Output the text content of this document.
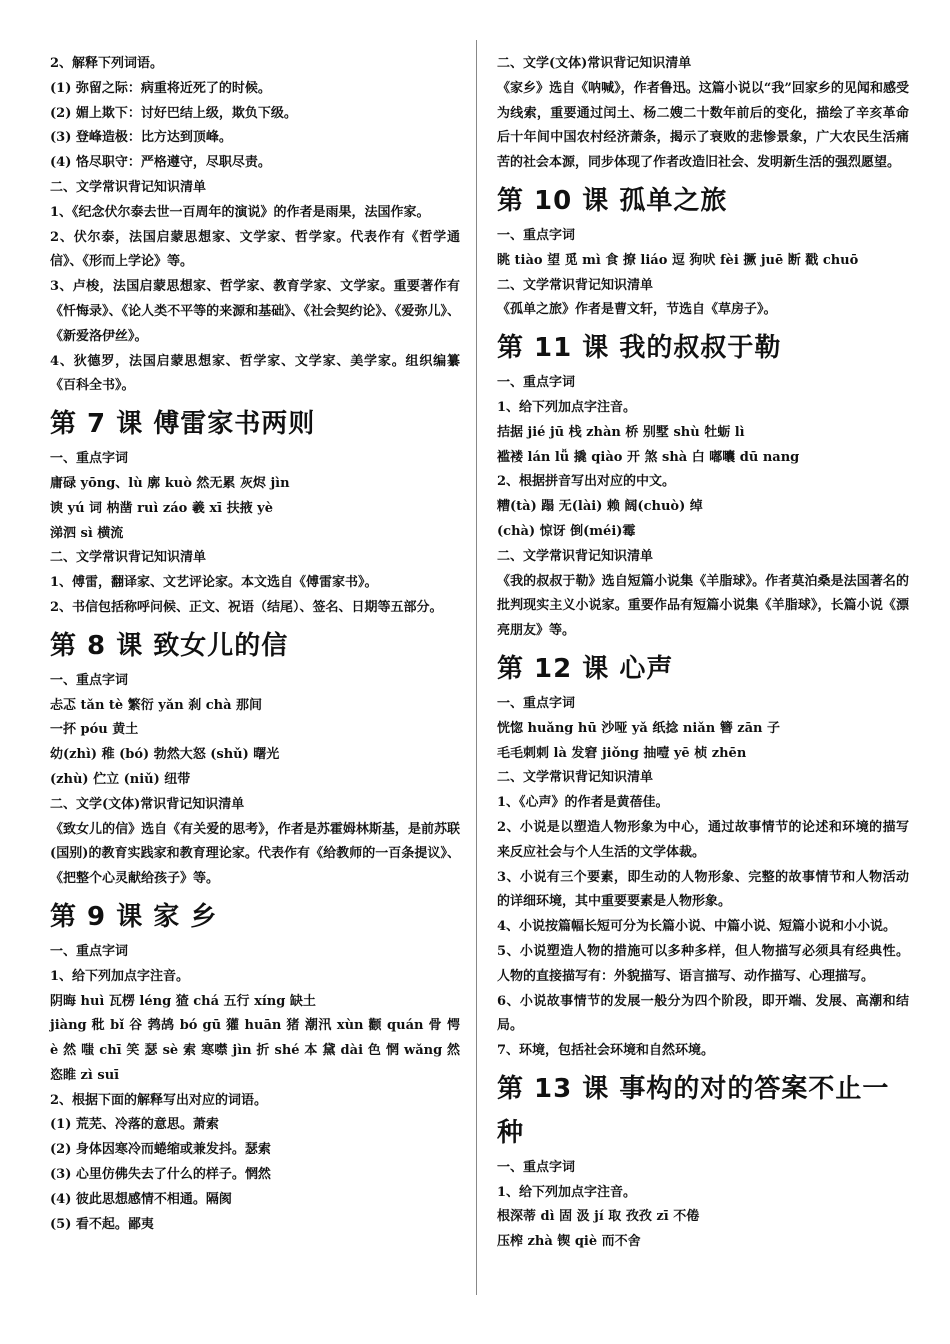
2、解释下列词语。
(1) 弥留之际：病重将近死了的时候。
(2) 媚上欺下：讨好巴结上级，欺负下级。
(3) 登峰造极：比方达到顶峰。
(4) 恪尽职守：严格遵守，尽职尽责。
二、文学常识背记知识清单
1、《纪念伏尔泰去世一百周年的演说》的作者是雨果，法国作家。
2、伏尔泰，法国启蒙思想家、文学家、哲学家。代表作有《哲学通信》、《形而上学论》等。
3、卢梭，法国启蒙思想家、哲学家、教育学家、文学家。重要著作有《忏悔录》、《论人类不平等的来源和基础》、《社会契约论》、《爱弥儿》、《新爱洛伊丝》。
4、狄德罗，法国启蒙思想家、哲学家、文学家、美学家。组织编纂《百科全书》。
第 7 课 傅雷家书两则
一、重点字词
庸碌 yōng、lù 廓 kuò 然无累 灰烬 jìn
谀 yú 词 枘凿 ruì záo 羲 xī 扶掖 yè
涕泗 sì 横流
二、文学常识背记知识清单
1、傅雷，翻译家、文艺评论家。本文选自《傅雷家书》。
2、书信包括称呼问候、正文、祝语（结尾）、签名、日期等五部分。
第 8 课 致女儿的信
一、重点字词
忐忑 tǎn tè 繁衍 yǎn 刹 chà 那间
一抔 póu 黄土
幼(zhì) 稚 (bó) 勃然大怒 (shǔ) 曙光
(zhù) 伫立 (niǔ) 纽带
二、文学(文体)常识背记知识清单
《致女儿的信》选自《有关爱的思考》，作者是苏霍姆林斯基，是前苏联(国别)的教育实践家和教育理论家。代表作有《给教师的一百条提议》、《把整个心灵献给孩子》等。
第 9 课 家 乡
一、重点字词
1、给下列加点字注音。
阴晦 huì 瓦楞 léng 猹 chá 五行 xíng 缺土
jiàng 秕 bǐ 谷 鹁鸪 bó gū 獾 huān 猪 潮汛 xùn 颧 quán 骨 愕 è 然 嗤 chī 笑 瑟 sè 索 寒噤 jìn 折 shé 本 黛 dài 色 惘 wǎng 然 恣睢 zì suī
2、根据下面的解释写出对应的词语。
(1) 荒芜、冷落的意思。萧索
(2) 身体因寒冷而蜷缩或兼发抖。瑟索
(3) 心里仿佛失去了什么的样子。惘然
(4) 彼此思想感情不相通。隔阂
(5) 看不起。鄙夷
二、文学(文体)常识背记知识清单
《家乡》选自《呐喊》，作者鲁迅。这篇小说以“我”回家乡的见闻和感受为线索，重要通过闰土、杨二嫂二十数年前后的变化，描绘了辛亥革命后十年间中国农村经济萧条，揭示了衰败的悲惨景象，广大农民生活痛苦的社会本源，同步体现了作者改造旧社会、发明新生活的强烈愿望。
第 10 课 孤单之旅
一、重点字词
眺 tiào 望 觅 mì 食 撩 liáo 逗 狗吠 fèi 撅 juē 断 戳 chuō
二、文学常识背记知识清单
《孤单之旅》作者是曹文轩，节选自《草房子》。
第 11 课 我的叔叔于勒
一、重点字词
1、给下列加点字注音。
拮据 jié jū 栈 zhàn 桥 别墅 shù 牡蛎 lì
褴褛 lán lǚ 撬 qiào 开 煞 shà 白 嘟囔 dū nang
2、根据拼音写出对应的中文。
糟(tà) 蹋 无(lài) 赖 阔(chuò) 绰
(chà) 惊讶 倒(méi)霉
二、文学常识背记知识清单
《我的叔叔于勒》选自短篇小说集《羊脂球》。作者莫泊桑是法国著名的批判现实主义小说家。重要作品有短篇小说集《羊脂球》，长篇小说《漂亮朋友》等。
第 12 课 心声
一、重点字词
恍惚 huǎng hū 沙哑 yǎ 纸捻 niǎn 簪 zān 子
毛毛刺刺 là 发窘 jiǒng 抽噎 yē 桢 zhēn
二、文学常识背记知识清单
1、《心声》的作者是黄蓓佳。
2、小说是以塑造人物形象为中心，通过故事情节的论述和环境的描写来反应社会与个人生活的文学体裁。
3、小说有三个要素，即生动的人物形象、完整的故事情节和人物活动的详细环境，其中重要要素是人物形象。
4、小说按篇幅长短可分为长篇小说、中篇小说、短篇小说和小小说。
5、小说塑造人物的措施可以多种多样，但人物描写必须具有经典性。人物的直接描写有：外貌描写、语言描写、动作描写、心理描写。
6、小说故事情节的发展一般分为四个阶段，即开端、发展、高潮和结局。
7、环境，包括社会环境和自然环境。
第 13 课 事构的对的答案不止一种
一、重点字词
1、给下列加点字注音。
根深蒂 dì 固 汲 jí 取 孜孜 zī 不倦
压榨 zhà 锲 qiè 而不舍
